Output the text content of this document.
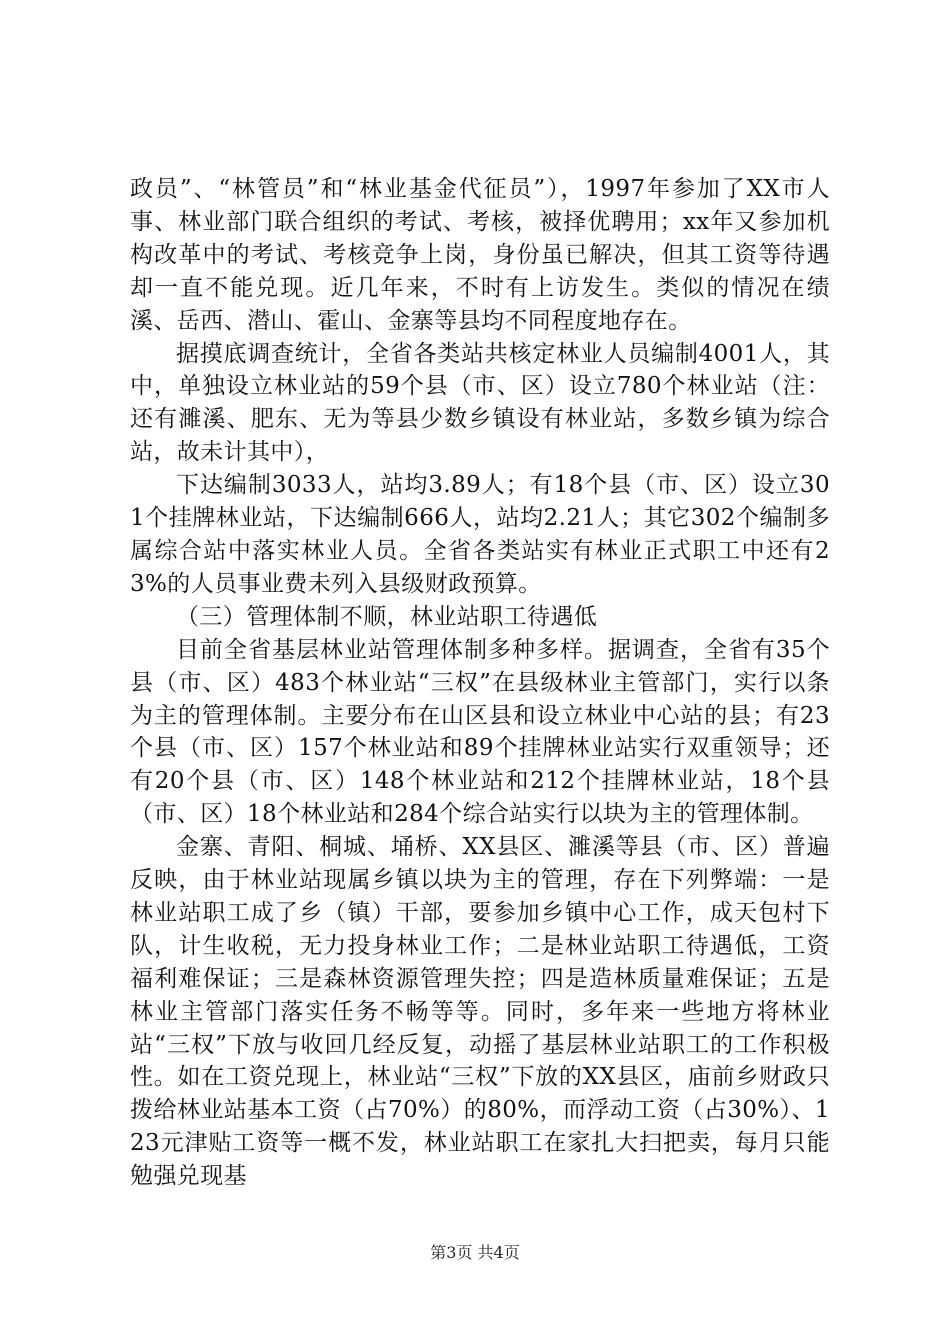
政员”、“林管员”和“林业基金代征员”），1997年参加了XX市人事、林业部门联合组织的考试、考核，被择优聘用；xx年又参加机构改革中的考试、考核竞争上岗，身份虽已解决，但其工资等待遇却一直不能兑现。近几年来，不时有上访发生。类似的情况在绩溪、岳西、潜山、霍山、金寨等县均不同程度地存在。

据摸底调查统计，全省各类站共核定林业人员编制4001人，其中，单独设立林业站的59个县（市、区）设立780个林业站（注：还有濉溪、肥东、无为等县少数乡镇设有林业站，多数乡镇为综合站，故未计其中），

下达编制3033人，站均3.89人；有18个县（市、区）设立301个挂牌林业站，下达编制666人，站均2.21人；其它302个编制多属综合站中落实林业人员。全省各类站实有林业正式职工中还有23%的人员事业费未列入县级财政预算。

（三）管理体制不顺，林业站职工待遇低

目前全省基层林业站管理体制多种多样。据调查，全省有35个县（市、区）483个林业站“三权”在县级林业主管部门，实行以条为主的管理体制。主要分布在山区县和设立林业中心站的县；有23个县（市、区）157个林业站和89个挂牌林业站实行双重领导；还有20个县（市、区）148个林业站和212个挂牌林业站，18个县（市、区）18个林业站和284个综合站实行以块为主的管理体制。

金寨、青阳、桐城、埇桥、XX县区、濉溪等县（市、区）普遍反映，由于林业站现属乡镇以块为主的管理，存在下列弊端：一是林业站职工成了乡（镇）干部，要参加乡镇中心工作，成天包村下队，计生收税，无力投身林业工作；二是林业站职工待遇低，工资福利难保证；三是森林资源管理失控；四是造林质量难保证；五是林业主管部门落实任务不畅等等。同时，多年来一些地方将林业站“三权”下放与收回几经反复，动摇了基层林业站职工的工作积极性。如在工资兑现上，林业站“三权”下放的XX县区，庙前乡财政只拨给林业站基本工资（占70%）的80%，而浮动工资（占30%）、123元津贴工资等一概不发，林业站职工在家扎大扫把卖，每月只能勉强兑现基

第3页 共4页
